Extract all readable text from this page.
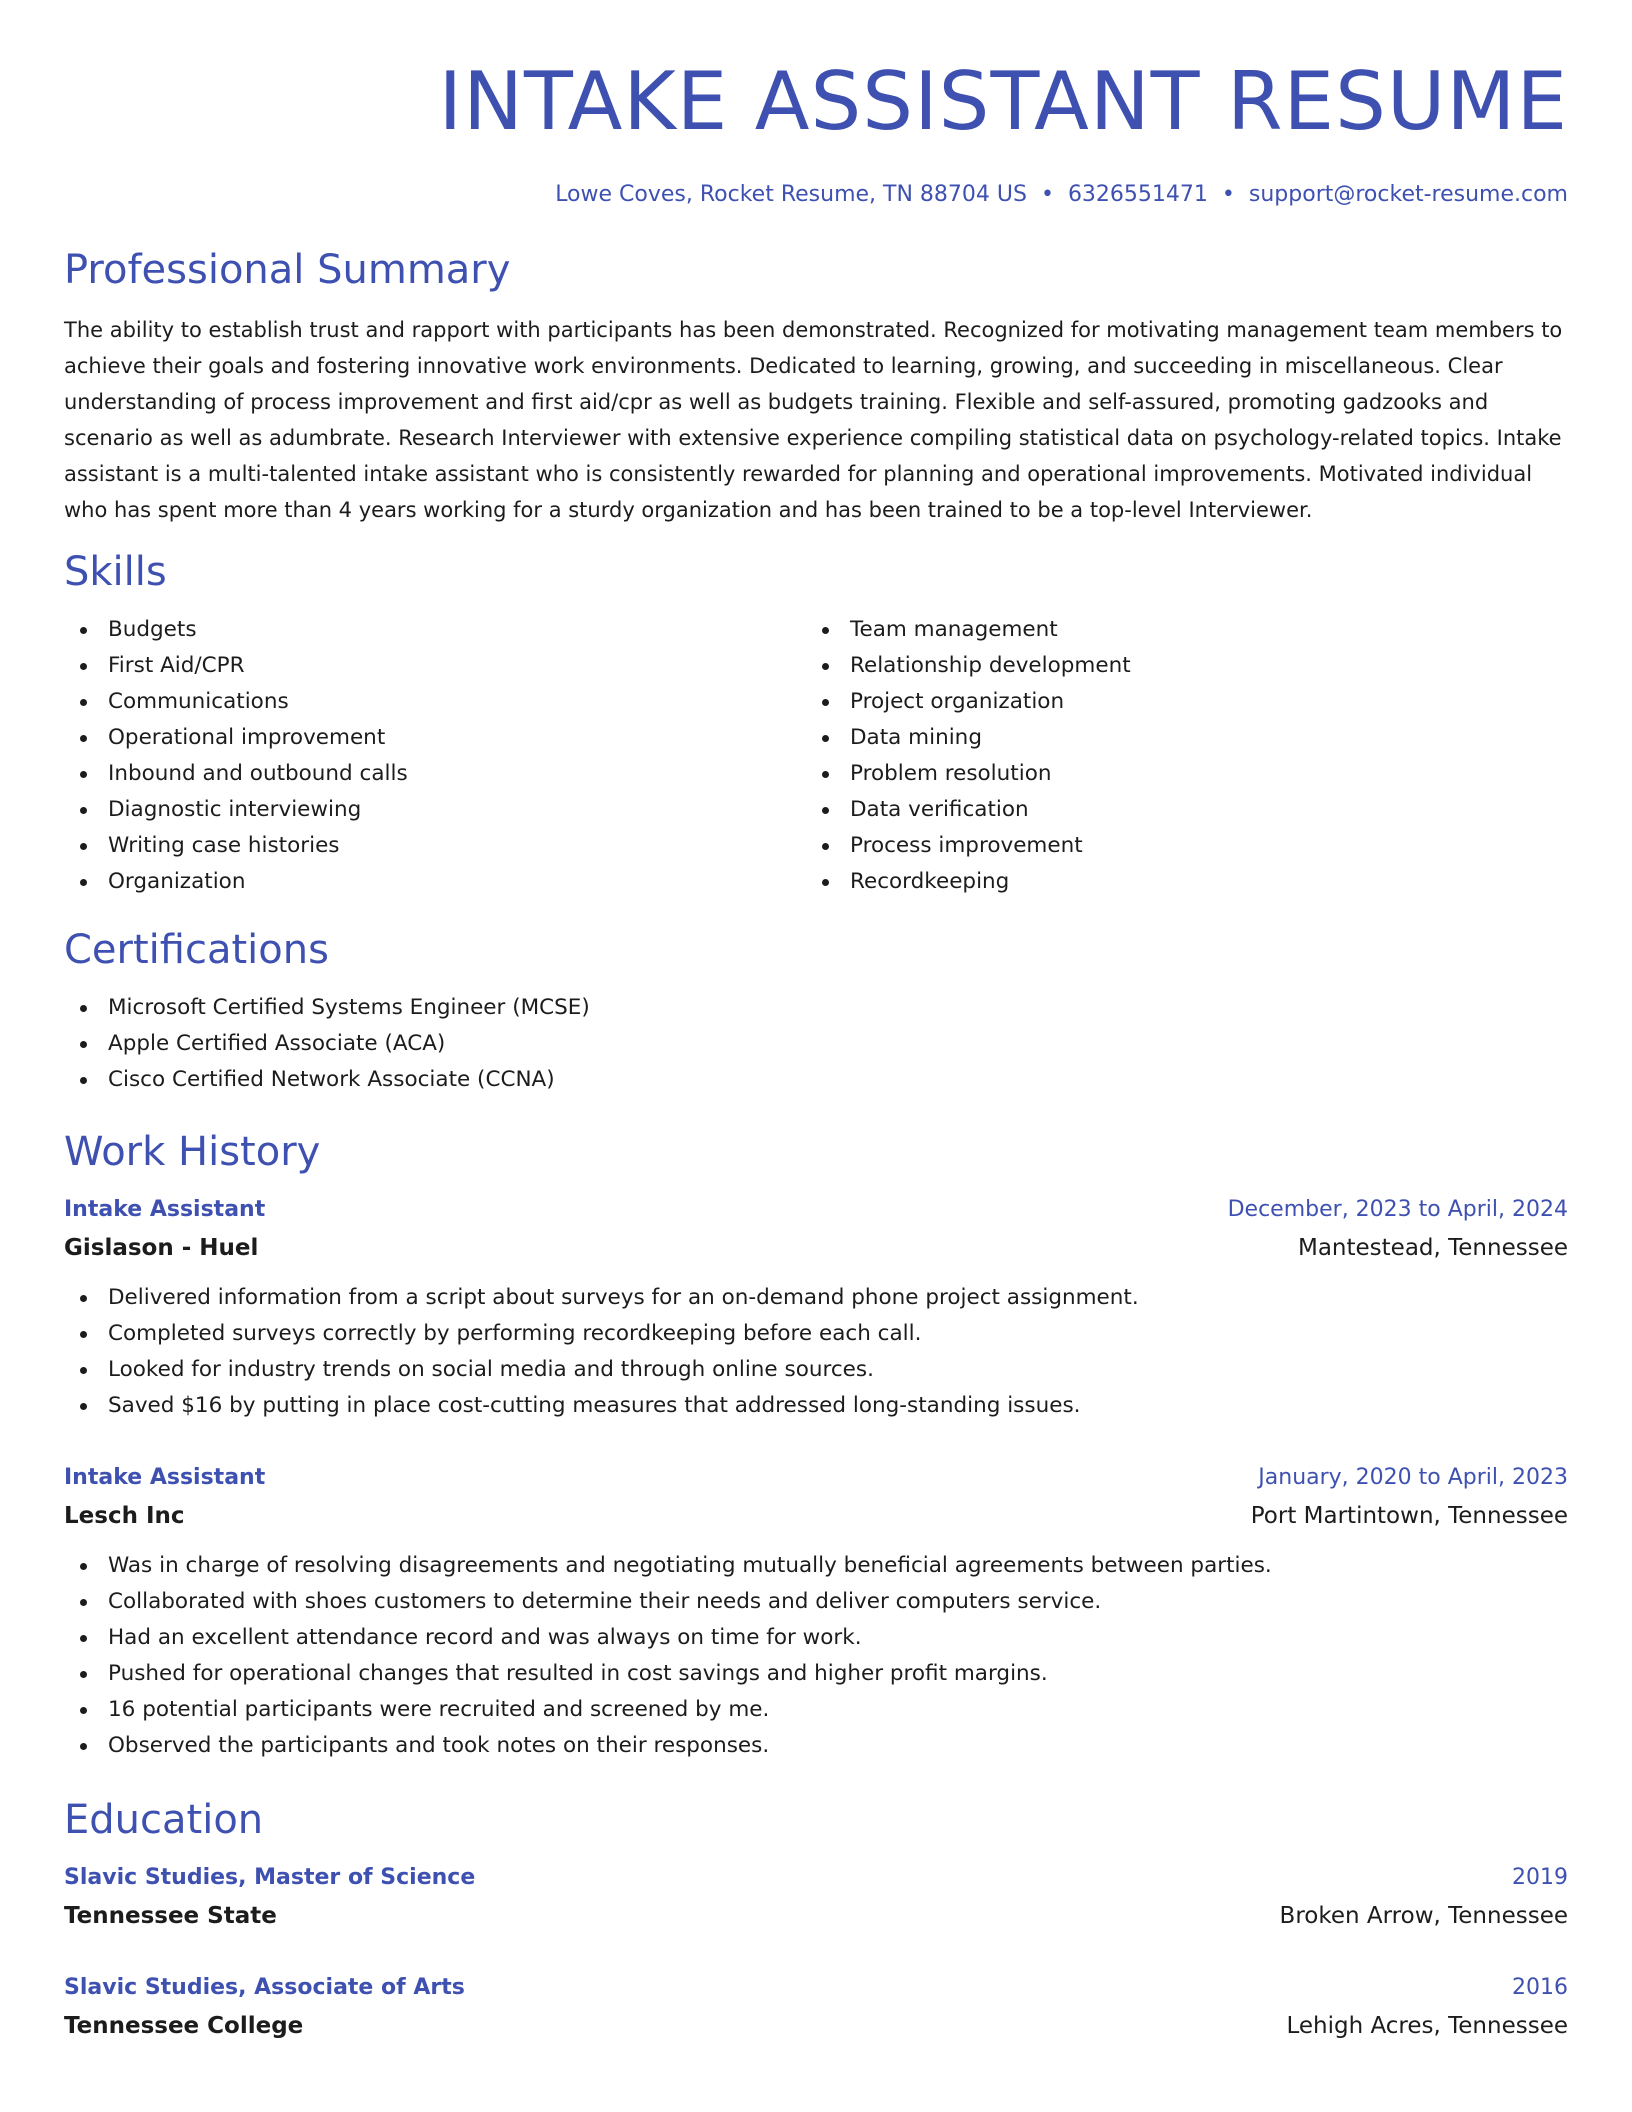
INTAKE ASSISTANT RESUME
Lowe Coves, Rocket Resume, TN 88704 US • 6326551471 • support@rocket-resume.com
Professional Summary

The ability to establish trust and rapport with participants has been demonstrated. Recognized for motivating management team members to achieve their goals and fostering innovative work environments. Dedicated to learning, growing, and succeeding in miscellaneous. Clear understanding of process improvement and first aid/cpr as well as budgets training. Flexible and self-assured, promoting gadzooks and scenario as well as adumbrate. Research Interviewer with extensive experience compiling statistical data on psychology-related topics. Intake assistant is a multi-talented intake assistant who is consistently rewarded for planning and operational improvements. Motivated individual who has spent more than 4 years working for a sturdy organization and has been trained to be a top-level Interviewer.

Skills
Budgets
First Aid/CPR
Communications
Operational improvement
Inbound and outbound calls
Diagnostic interviewing
Writing case histories
Organization
Team management
Relationship development
Project organization
Data mining
Problem resolution
Data verification
Process improvement
Recordkeeping
Certifications
Microsoft Certified Systems Engineer (MCSE)
Apple Certified Associate (ACA)
Cisco Certified Network Associate (CCNA)
Work History
Intake Assistant	December, 2023 to April, 2024
Gislason - Huel	Mantestead, Tennessee
Delivered information from a script about surveys for an on-demand phone project assignment.
Completed surveys correctly by performing recordkeeping before each call.
Looked for industry trends on social media and through online sources.
Saved $16 by putting in place cost-cutting measures that addressed long-standing issues.
Intake Assistant	January, 2020 to April, 2023
Lesch Inc	Port Martintown, Tennessee
Was in charge of resolving disagreements and negotiating mutually beneficial agreements between parties.
Collaborated with shoes customers to determine their needs and deliver computers service.
Had an excellent attendance record and was always on time for work.
Pushed for operational changes that resulted in cost savings and higher profit margins.
16 potential participants were recruited and screened by me.
Observed the participants and took notes on their responses.
Education
Slavic Studies, Master of Science	2019
Tennessee State	Broken Arrow, Tennessee
Slavic Studies, Associate of Arts	2016
Tennessee College	Lehigh Acres, Tennessee
